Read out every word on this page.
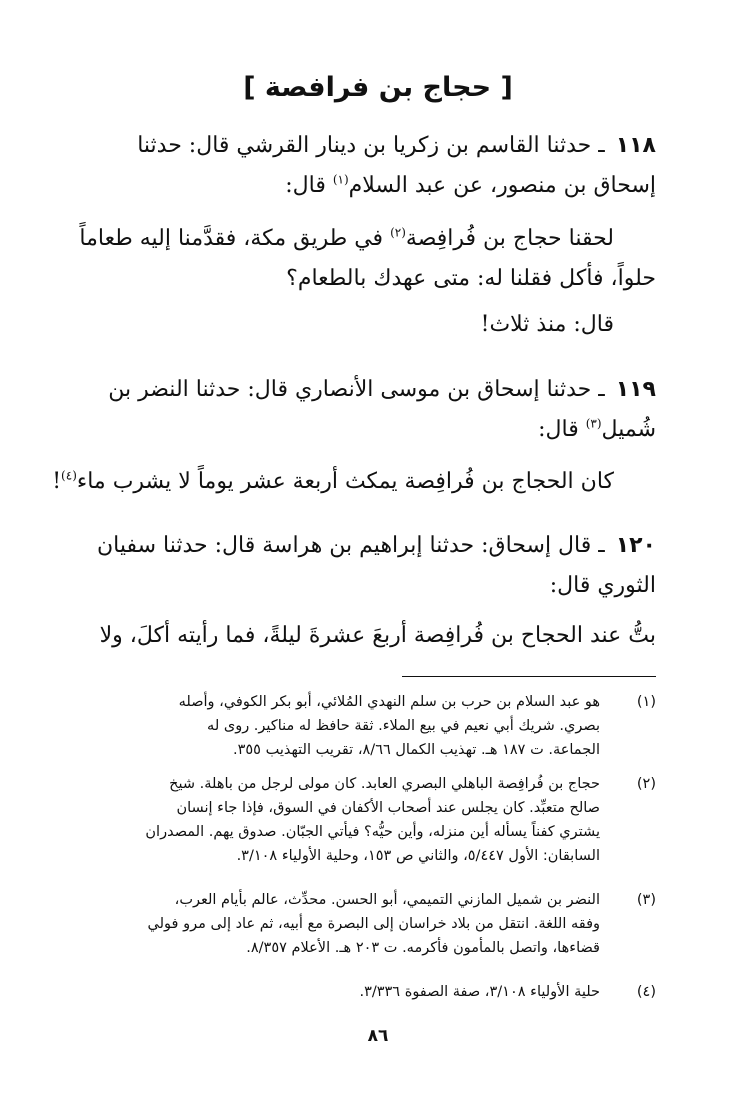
[ حجاج بن فرافصة ]
١١٨ ـ حدثنا القاسم بن زكريا بن دينار القرشي قال: حدثنا
إسحاق بن منصور، عن عبد السلام$^{(١)}$ قال:
لحقنا حجاج بن فُرافِصة$^{(٢)}$ في طريق مكة، فقدَّمنا إليه طعاماً
حلواً، فأكل فقلنا له: متى عهدك بالطعام؟
قال: منذ ثلاث!
١١٩ ـ حدثنا إسحاق بن موسى الأنصاري قال: حدثنا النضر بن
شُميل$^{(٣)}$ قال:
كان الحجاج بن فُرافِصة يمكث أربعة عشر يوماً لا يشرب ماء$^{(٤)}$!
١٢٠ ـ قال إسحاق: حدثنا إبراهيم بن هراسة قال: حدثنا سفيان
الثوري قال:
بتُّ عند الحجاح بن فُرافِصة أربعَ عشرةَ ليلةً، فما رأيته أكلَ، ولا
(١)
هو عبد السلام بن حرب بن سلم النهدي المُلائي، أبو بكر الكوفي، وأصله
بصري. شريك أبي نعيم في بيع الملاء. ثقة حافظ له مناكير. روى له
الجماعة. ت ١٨٧ هـ. تهذيب الكمال ٨/٦٦، تقريب التهذيب ٣٥٥.
(٢)
حجاج بن فُرافِصة الباهلي البصري العابد. كان مولى لرجل من باهلة. شيخ
صالح متعبِّد. كان يجلس عند أصحاب الأكفان في السوق، فإذا جاء إنسان
يشتري كفناً يسأله أين منزله، وأين حيُّه؟ فيأتي الجبّان. صدوق يهم. المصدران
السابقان: الأول ٥/٤٤٧، والثاني ص ١٥٣، وحلية الأولياء ٣/١٠٨.
(٣)
النضر بن شميل المازني التميمي، أبو الحسن. محدِّث، عالم بأيام العرب،
وفقه اللغة. انتقل من بلاد خراسان إلى البصرة مع أبيه، ثم عاد إلى مرو فولي
قضاءها، واتصل بالمأمون فأكرمه. ت ٢٠٣ هـ. الأعلام ٨/٣٥٧.
(٤)
حلية الأولياء ٣/١٠٨، صفة الصفوة ٣/٣٣٦.
٨٦
